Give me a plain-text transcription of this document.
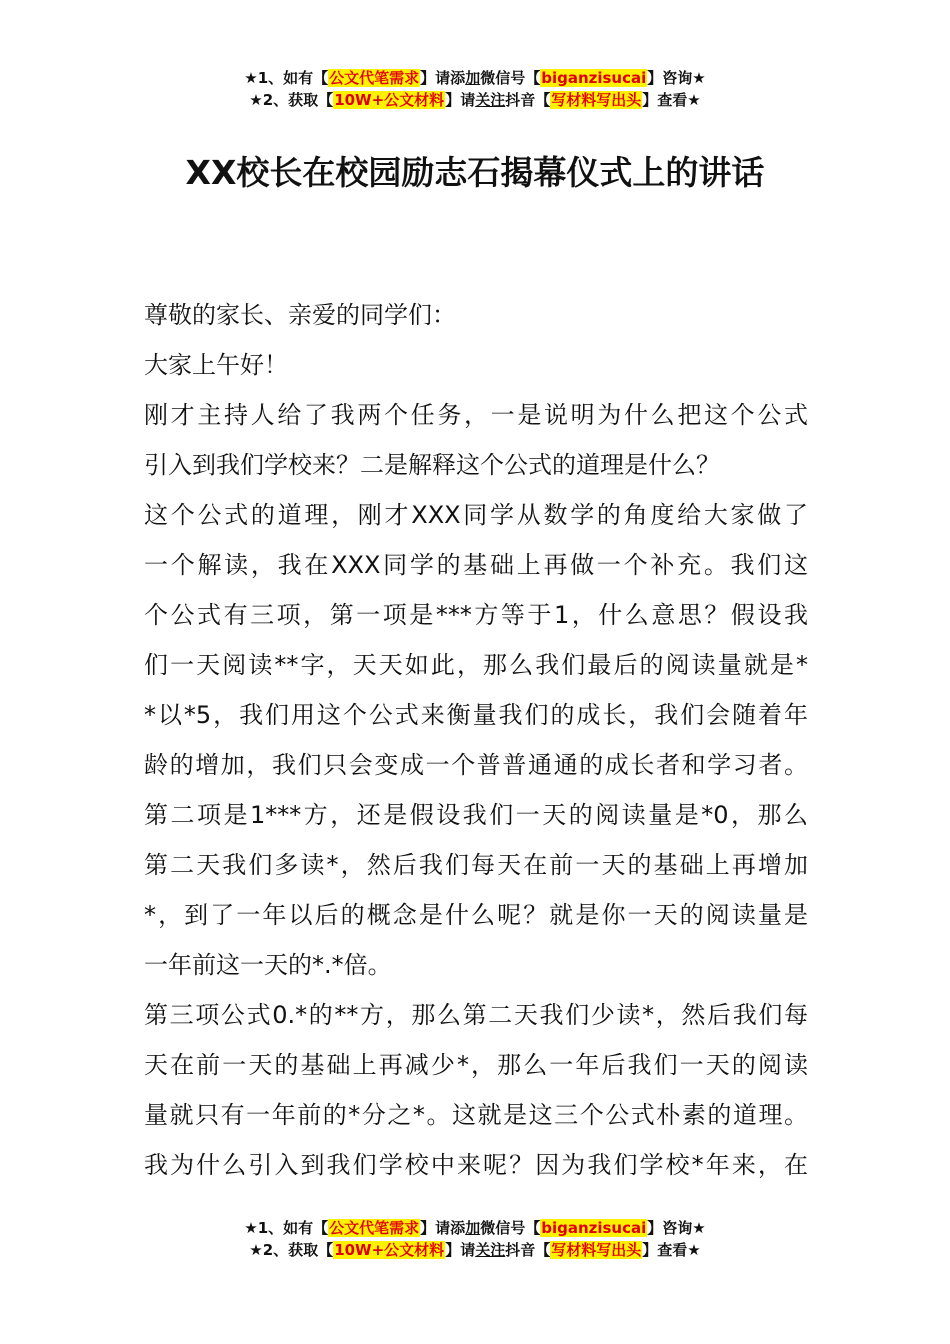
★1、如有【公文代笔需求】请添加微信号【biganzisucai】咨询★
★2、获取【10W+公文材料】请关注抖音【写材料写出头】查看★
XX校长在校园励志石揭幕仪式上的讲话
尊敬的家长、亲爱的同学们：
大家上午好！
刚才主持人给了我两个任务，一是说明为什么把这个公式
引入到我们学校来？二是解释这个公式的道理是什么？
这个公式的道理，刚才XXX同学从数学的角度给大家做了
一个解读，我在XXX同学的基础上再做一个补充。我们这
个公式有三项，第一项是***方等于1，什么意思？假设我
们一天阅读**字，天天如此，那么我们最后的阅读量就是*
*以*5，我们用这个公式来衡量我们的成长，我们会随着年
龄的增加，我们只会变成一个普普通通的成长者和学习者。
第二项是1***方，还是假设我们一天的阅读量是*0，那么
第二天我们多读*，然后我们每天在前一天的基础上再增加
*，到了一年以后的概念是什么呢？就是你一天的阅读量是
一年前这一天的*.*倍。
第三项公式0.*的**方，那么第二天我们少读*，然后我们每
天在前一天的基础上再减少*，那么一年后我们一天的阅读
量就只有一年前的*分之*。这就是这三个公式朴素的道理。
我为什么引入到我们学校中来呢？因为我们学校*年来，在
★1、如有【公文代笔需求】请添加微信号【biganzisucai】咨询★
★2、获取【10W+公文材料】请关注抖音【写材料写出头】查看★
